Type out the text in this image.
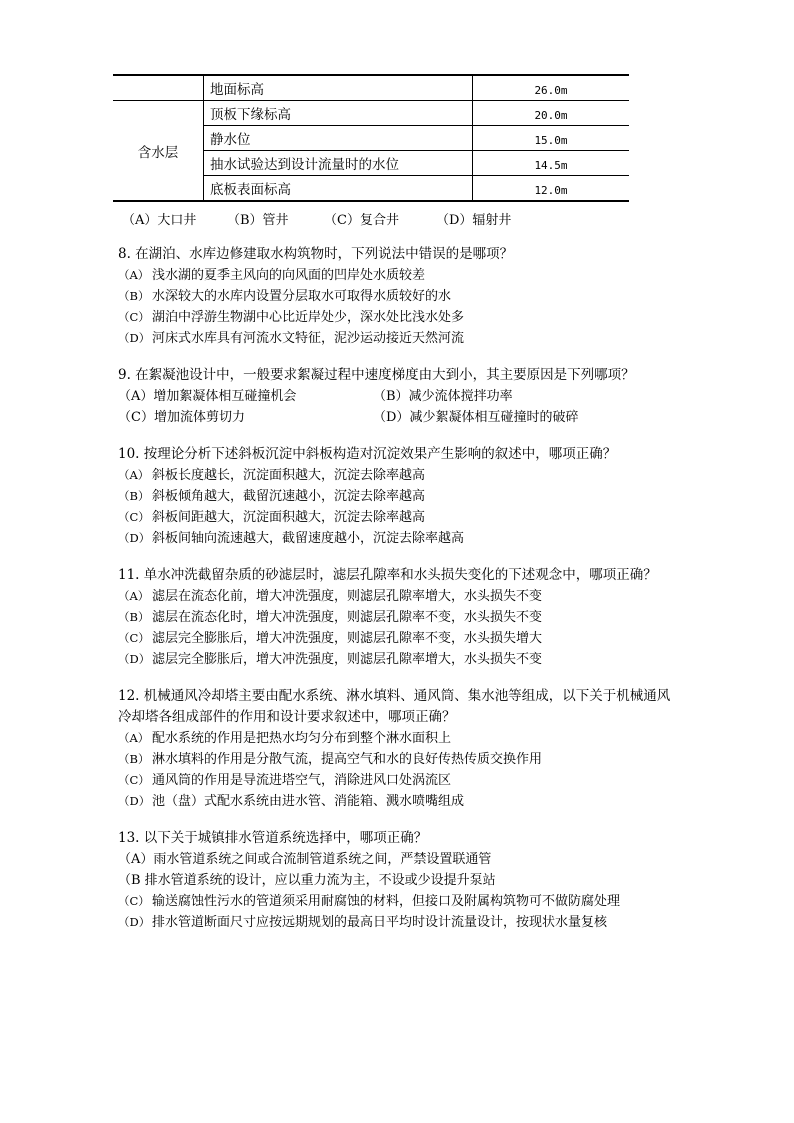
	地面标高	26.0m
含水层	顶板下缘标高	20.0m
	静水位	15.0m
	抽水试验达到设计流量时的水位	14.5m
	底板表面标高	12.0m
（A）大口井 （B）管井	（C）复合井	（D）辐射井
8. 在湖泊、水库边修建取水构筑物时，下列说法中错误的是哪项？
（A） 浅水湖的夏季主风向的向风面的凹岸处水质较差
（B） 水深较大的水库内设置分层取水可取得水质较好的水
（C） 湖泊中浮游生物湖中心比近岸处少，深水处比浅水处多
（D） 河床式水库具有河流水文特征，泥沙运动接近天然河流
9. 在絮凝池设计中，一般要求絮凝过程中速度梯度由大到小，其主要原因是下列哪项？
（A）增加絮凝体相互碰撞机会	（B）减少流体搅拌功率
（C）增加流体剪切力	（D）减少絮凝体相互碰撞时的破碎
10. 按理论分析下述斜板沉淀中斜板构造对沉淀效果产生影响的叙述中，哪项正确？
（A） 斜板长度越长，沉淀面积越大，沉淀去除率越高
（B） 斜板倾角越大，截留沉速越小，沉淀去除率越高
（C） 斜板间距越大，沉淀面积越大，沉淀去除率越高
（D） 斜板间轴向流速越大，截留速度越小，沉淀去除率越高
11. 单水冲洗截留杂质的砂滤层时，滤层孔隙率和水头损失变化的下述观念中，哪项正确？
（A） 滤层在流态化前，增大冲洗强度，则滤层孔隙率增大，水头损失不变
（B） 滤层在流态化时，增大冲洗强度，则滤层孔隙率不变，水头损失不变
（C） 滤层完全膨胀后，增大冲洗强度，则滤层孔隙率不变，水头损失增大
（D） 滤层完全膨胀后，增大冲洗强度，则滤层孔隙率增大，水头损失不变
12. 机械通风冷却塔主要由配水系统、淋水填料、通风筒、集水池等组成，以下关于机械通风冷却塔各组成部件的作用和设计要求叙述中，哪项正确？
（A） 配水系统的作用是把热水均匀分布到整个淋水面积上
（B） 淋水填料的作用是分散气流，提高空气和水的良好传热传质交换作用
（C） 通风筒的作用是导流进塔空气，消除进风口处涡流区
（D） 池（盘）式配水系统由进水管、消能箱、溅水喷嘴组成
13. 以下关于城镇排水管道系统选择中，哪项正确？
（A）雨水管道系统之间或合流制管道系统之间，严禁设置联通管
（B 排水管道系统的设计，应以重力流为主，不设或少设提升泵站
（C） 输送腐蚀性污水的管道须采用耐腐蚀的材料，但接口及附属构筑物可不做防腐处理
（D） 排水管道断面尺寸应按远期规划的最高日平均时设计流量设计，按现状水量复核
